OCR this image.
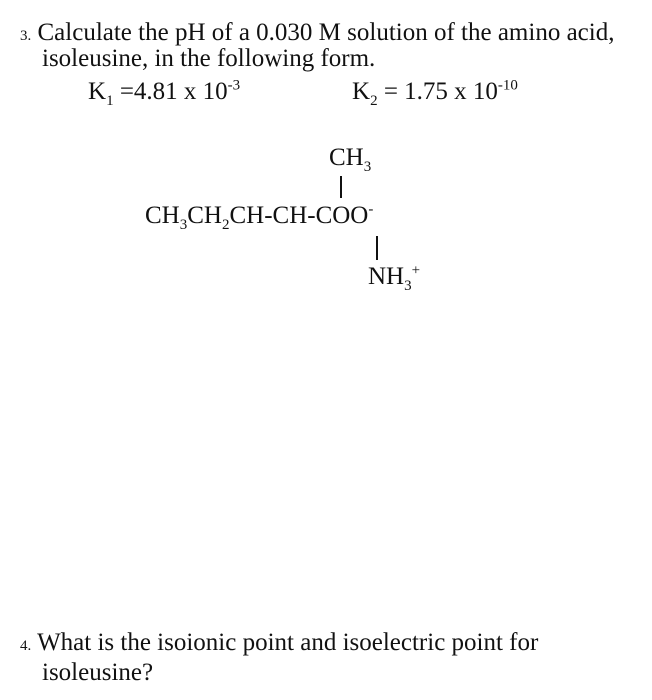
3. Calculate the pH of a 0.030 M solution of the amino acid,
isoleusine, in the following form.
$K_1 =4.81$ x $10^{-3}$	$K_2 = 1.75$ x $10^{-10}$
$CH_3$
$CH_3CH_2CH-CH-COO^-$
$NH_3^+$
4. What is the isoionic point and isoelectric point for
isoleusine?
